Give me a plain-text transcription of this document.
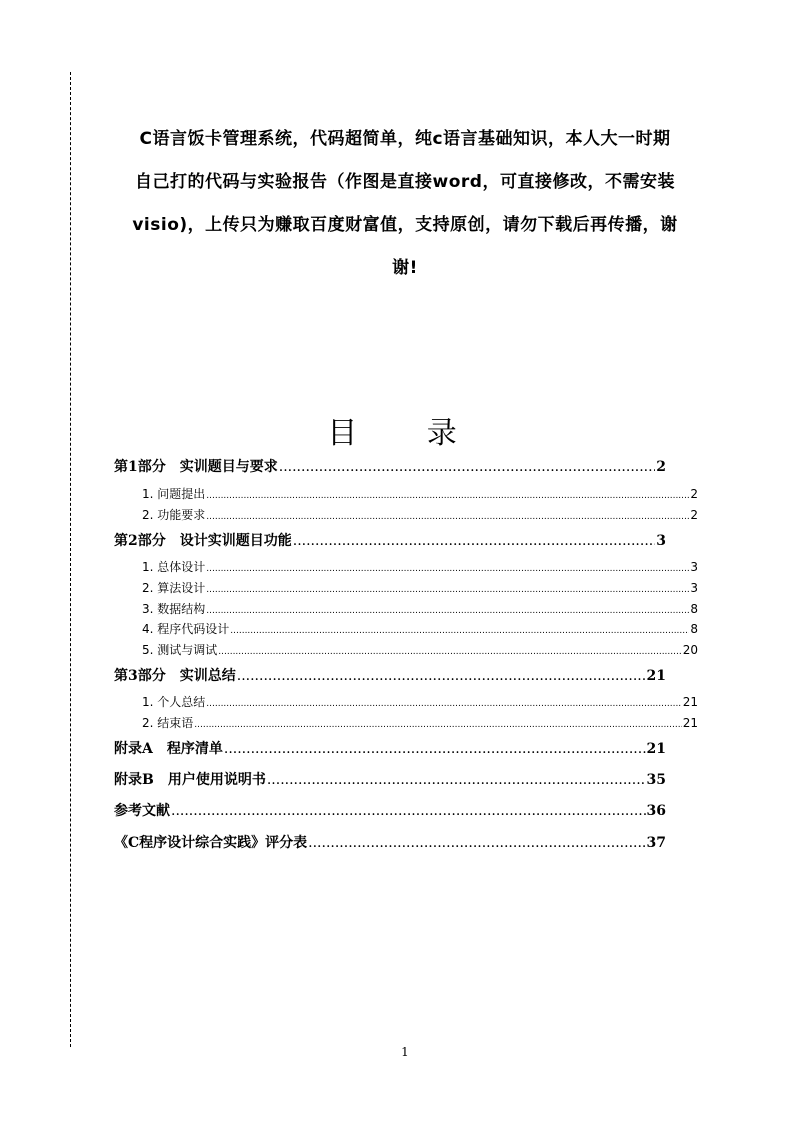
C语言饭卡管理系统，代码超简单，纯c语言基础知识，本人大一时期
自己打的代码与实验报告（作图是直接word，可直接修改，不需安装
visio)，上传只为赚取百度财富值，支持原创，请勿下载后再传播，谢
谢!
目 录
第1部分　实训题目与要求 .....	2
1. 问题提出 .....	2
2. 功能要求 .....	2
第2部分　设计实训题目功能 .....	3
1. 总体设计 .....	3
2. 算法设计 .....	3
3. 数据结构 .....	8
4. 程序代码设计 .....	8
5. 测试与调试 .....	20
第3部分　实训总结 .....	21
1. 个人总结 .....	21
2. 结束语 .....	21
附录A　程序清单 .....	21
附录B　用户使用说明书 .....	35
参考文献 .....	36
《C程序设计综合实践》评分表 .....	37
1
